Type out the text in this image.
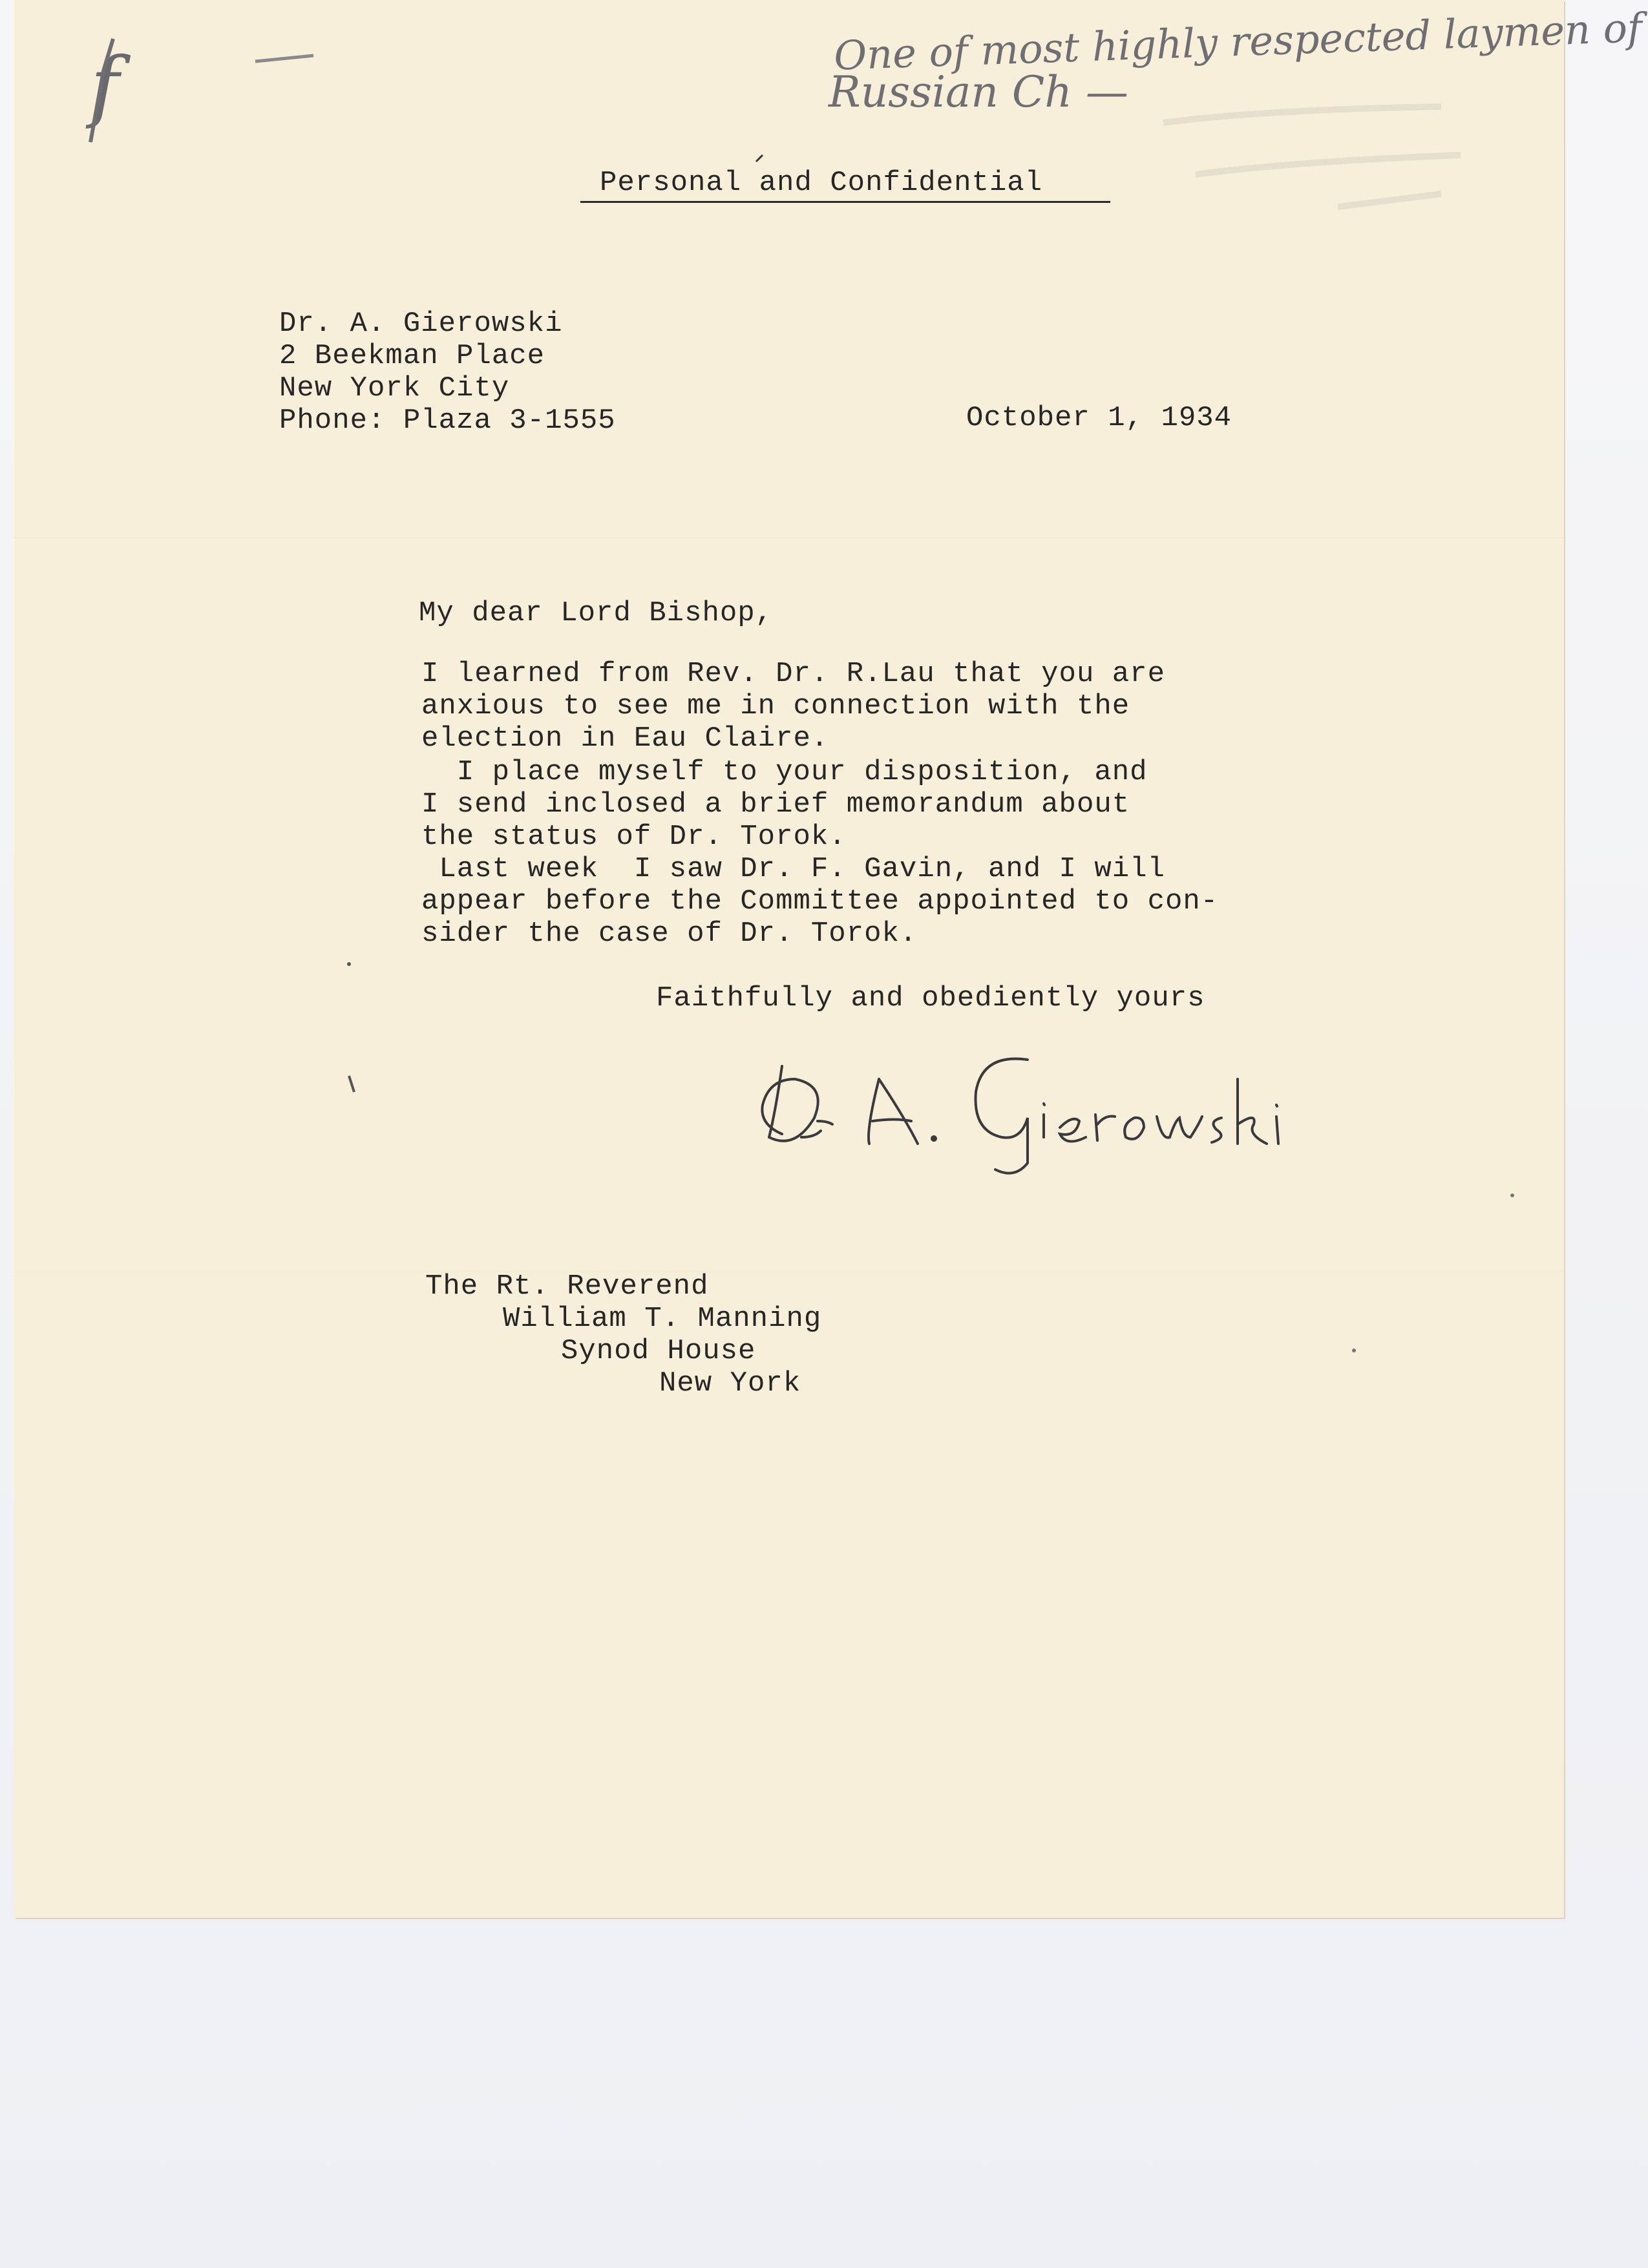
One of most highly respected laymen of
Russian Ch —
f
Personal and Confidential
Dr. A. Gierowski
2 Beekman Place
New York City
Phone: Plaza 3-1555	October 1, 1934
My dear Lord Bishop,
I learned from Rev. Dr. R.Lau that you are
anxious to see me in connection with the
election in Eau Claire.
I place myself to your disposition, and
I send inclosed a brief memorandum about
the status of Dr. Torok.
Last week  I saw Dr. F. Gavin, and I will
appear before the Committee appointed to con-
sider the case of Dr. Torok.
Faithfully and obediently yours
The Rt. Reverend
William T. Manning
Synod House
New York
